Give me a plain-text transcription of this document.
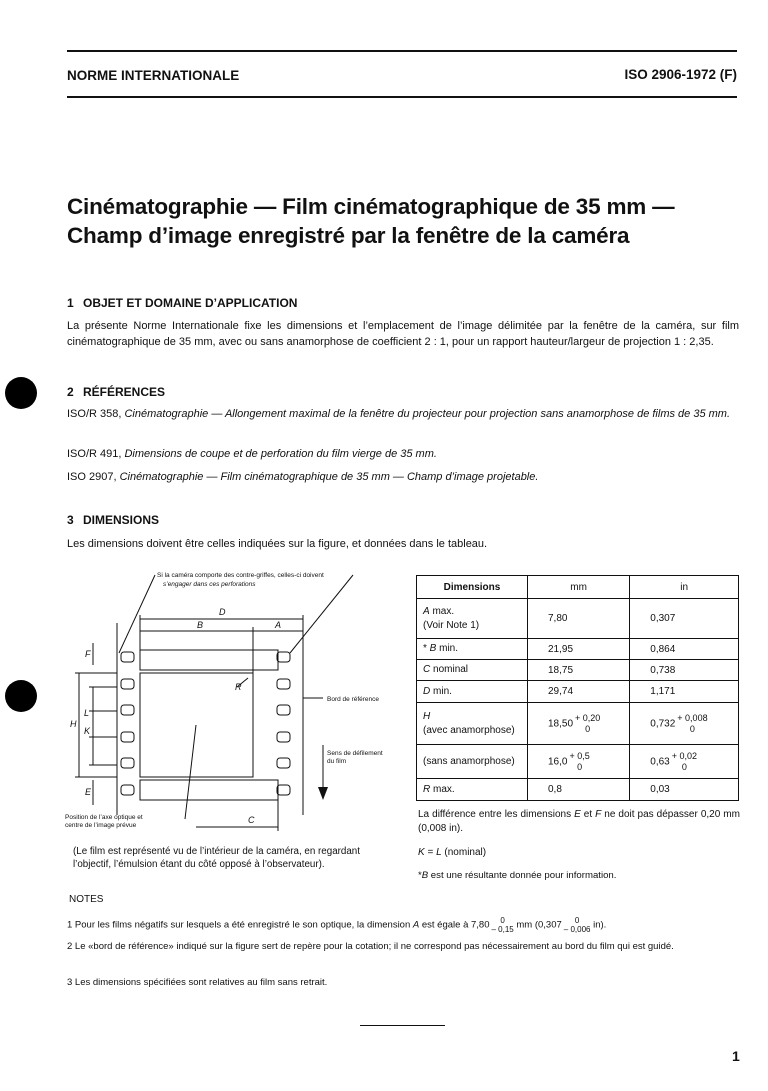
NORME INTERNATIONALE	ISO 2906-1972 (F)
Cinématographie — Film cinématographique de 35 mm —
Champ d’image enregistré par la fenêtre de la caméra
1 OBJET ET DOMAINE D’APPLICATION
La présente Norme Internationale fixe les dimensions et l’emplacement de l’image délimitée par la fenêtre de la caméra, sur film cinématographique de 35 mm, avec ou sans anamorphose de coefficient 2 : 1, pour un rapport hauteur/largeur de projection 1 : 2,35.
2 RÉFÉRENCES
ISO/R 358, Cinématographie — Allongement maximal de la fenêtre du projecteur pour projection sans anamorphose de films de 35 mm.
ISO/R 491, Dimensions de coupe et de perforation du film vierge de 35 mm.
ISO 2907, Cinématographie — Film cinématographique de 35 mm — Champ d’image projetable.
3 DIMENSIONS
Les dimensions doivent être celles indiquées sur la figure, et données dans le tableau.
Si la caméra comporte des contre-griffes, celles-ci doivent
s’engager dans ces perforations
Bord de référence
Sens de défilement
du film
Position de l’axe optique et
centre de l’image prévue
D
B	A
C
F
E
H
K
L
R
(Le film est représenté vu de l’intérieur de la caméra, en regardant
l’objectif, l’émulsion étant du côté opposé à l’observateur).
Dimensions	mm	in
A max.
(Voir Note 1)	7,80	0,307
* B min.	21,95	0,864
C nominal	18,75	0,738
D min.	29,74	1,171
H
(avec anamorphose)	18,50+ 0,20
0	0,732+ 0,008
0
(sans anamorphose)	16,0+ 0,5
0	0,63+ 0,02
0
R max.	0,8	0,03
La différence entre les dimensions E et F ne doit pas dépasser 0,20 mm (0,008 in).
K = L (nominal)
*B est une résultante donnée pour information.
NOTES
1 Pour les films négatifs sur lesquels a été enregistré le son optique, la dimension A est égale à 7,80 0
– 0,15 mm (0,307 0
– 0,006 in).
2 Le «bord de référence» indiqué sur la figure sert de repère pour la cotation; il ne correspond pas nécessairement au bord du film qui est guidé.
3 Les dimensions spécifiées sont relatives au film sans retrait.
1
